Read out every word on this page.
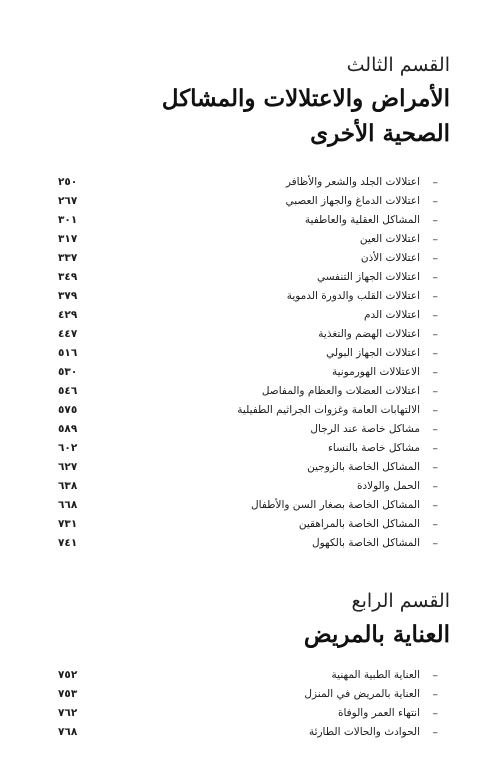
القسم الثالث
الأمراض والاعتلالات والمشاكل
الصحية الأخرى
–
اعتلالات الجلد والشعر والأظافر
٢٥٠
–
اعتلالات الدماغ والجهاز العصبي
٢٦٧
–
المشاكل العقلية والعاطفية
٣٠١
–
اعتلالات العين
٣١٧
–
اعتلالات الأذن
٣٣٧
–
اعتلالات الجهاز التنفسي
٣٤٩
–
اعتلالات القلب والدورة الدموية
٣٧٩
–
اعتلالات الدم
٤٢٩
–
اعتلالات الهضم والتغذية
٤٤٧
–
اعتلالات الجهاز البولي
٥١٦
–
الاعتلالات الهورمونية
٥٣٠
–
اعتلالات العضلات والعظام والمفاصل
٥٤٦
–
الالتهابات العامة وغزوات الجراثيم الطفيلية
٥٧٥
–
مشاكل خاصة عند الرجال
٥٨٩
–
مشاكل خاصة بالنساء
٦٠٢
–
المشاكل الخاصة بالزوجين
٦٢٧
–
الحمل والولادة
٦٣٨
–
المشاكل الخاصة بصغار السن والأطفال
٦٦٨
–
المشاكل الخاصة بالمراهقين
٧٣١
–
المشاكل الخاصة بالكهول
٧٤١
القسم الرابع
العناية بالمريض
–
العناية الطبية المهنية
٧٥٢
–
العناية بالمريض في المنزل
٧٥٣
–
انتهاء العمر والوفاة
٧٦٢
–
الحوادث والحالات الطارئة
٧٦٨
